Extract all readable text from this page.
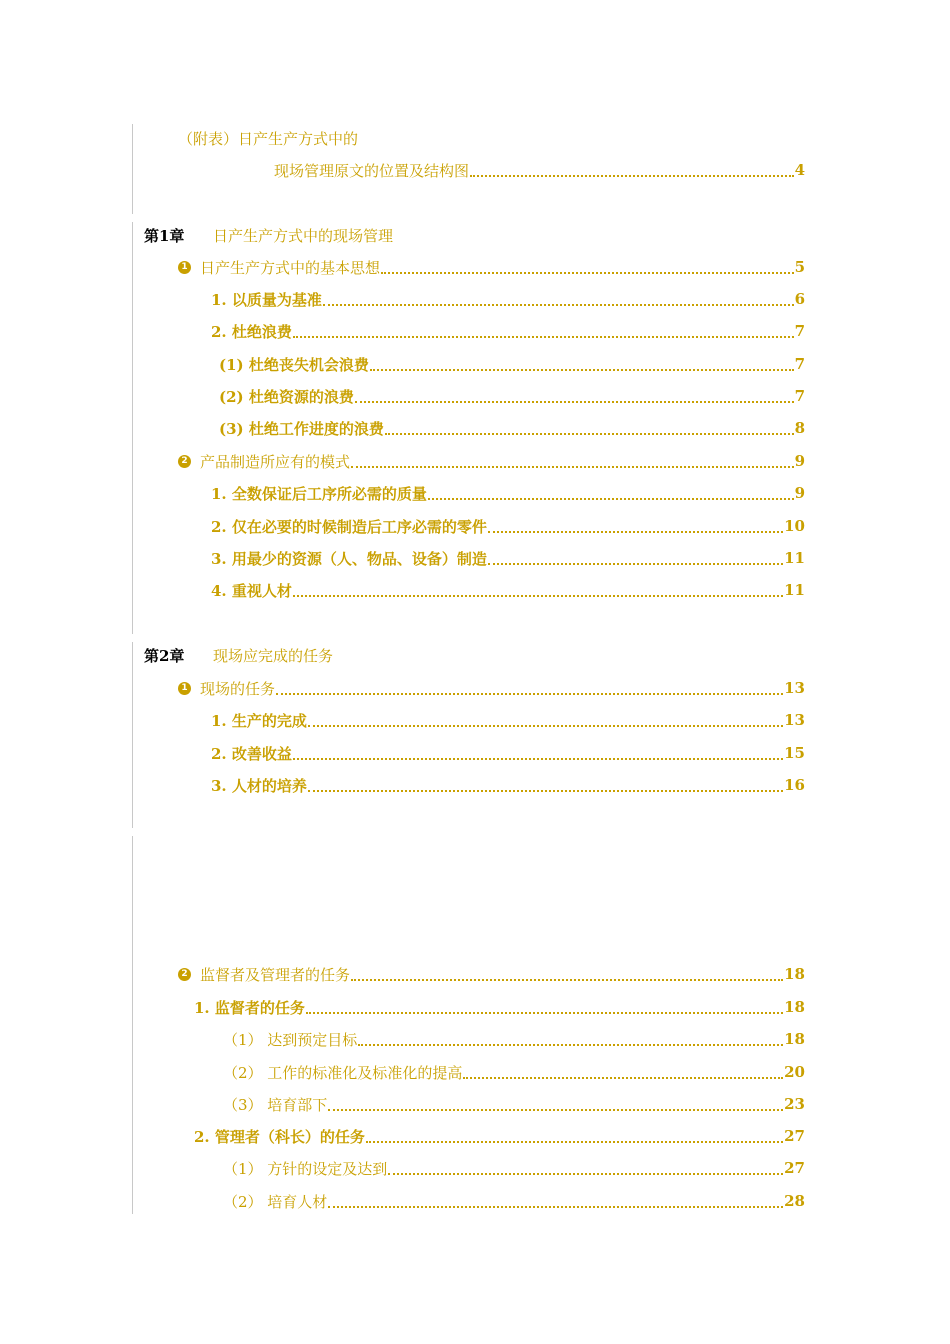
（附表）日产生产方式中的
现场管理原文的位置及结构图	4
第1章	日产生产方式中的现场管理
1 日产生产方式中的基本思想	5
1. 以质量为基准	6
2. 杜绝浪费	7
(1) 杜绝丧失机会浪费	7
(2) 杜绝资源的浪费	7
(3) 杜绝工作进度的浪费	8
2 产品制造所应有的模式	9
1. 全数保证后工序所必需的质量	9
2. 仅在必要的时候制造后工序必需的零件	10
3. 用最少的资源（人、物品、设备）制造	11
4. 重视人材	11
第2章	现场应完成的任务
1 现场的任务	13
1. 生产的完成	13
2. 改善收益	15
3. 人材的培养	16
2 监督者及管理者的任务	18
1. 监督者的任务	18
（1） 达到预定目标	18
（2） 工作的标准化及标准化的提高	20
（3） 培育部下	23
2. 管理者（科长）的任务	27
（1） 方针的设定及达到	27
（2） 培育人材	28
